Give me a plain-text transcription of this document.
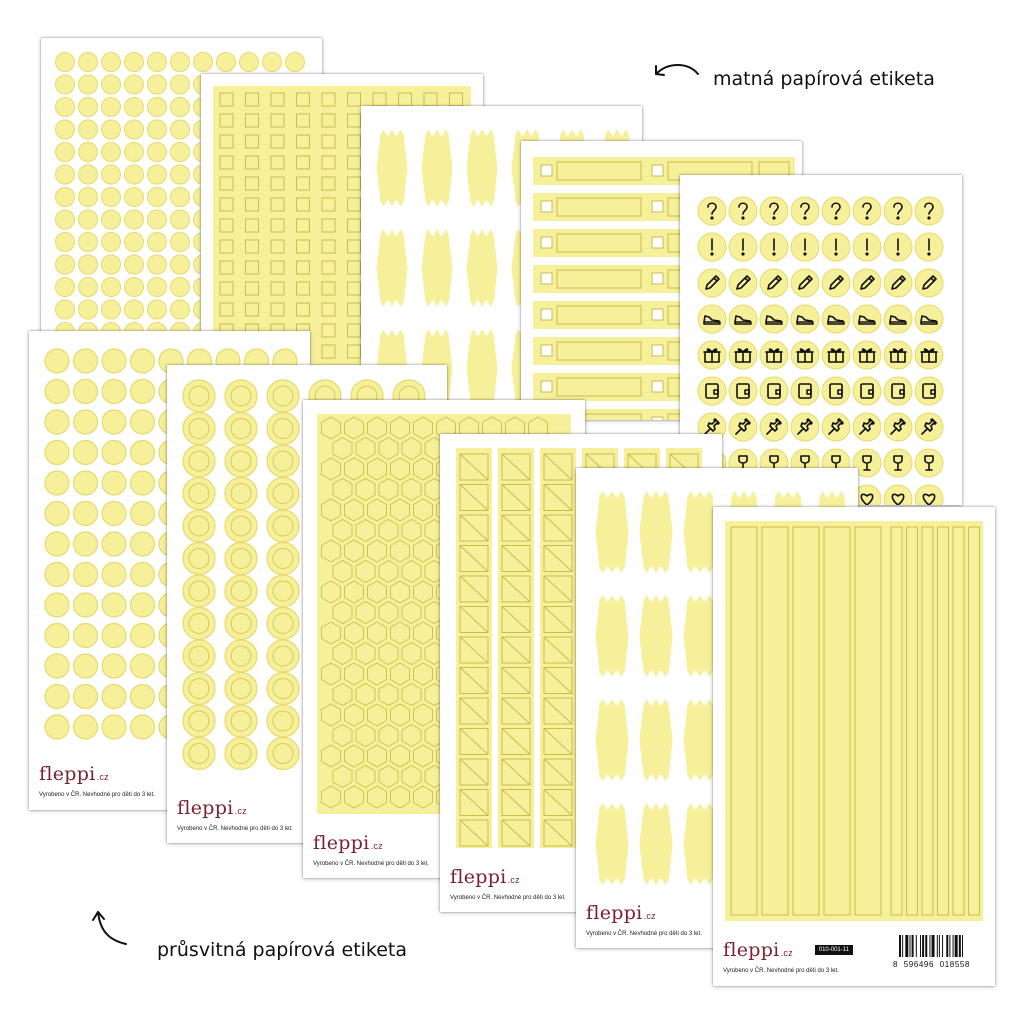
matná papírová etiketa
průsvitná papírová etiketa
fleppi.cz
Vyrobeno v ČR. Nevhodné pro děti do 3 let.
fleppi.cz
Vyrobeno v ČR. Nevhodné pro děti do 3 let.
fleppi.cz
Vyrobeno v ČR. Nevhodné pro děti do 3 let.
fleppi.cz
Vyrobeno v ČR. Nevhodné pro děti do 3 let.
fleppi.cz
Vyrobeno v ČR. Nevhodné pro děti do 3 let.
fleppi.cz	010-001-11
Vyrobeno v ČR. Nevhodné pro děti do 3 let.
8 596496 018558
